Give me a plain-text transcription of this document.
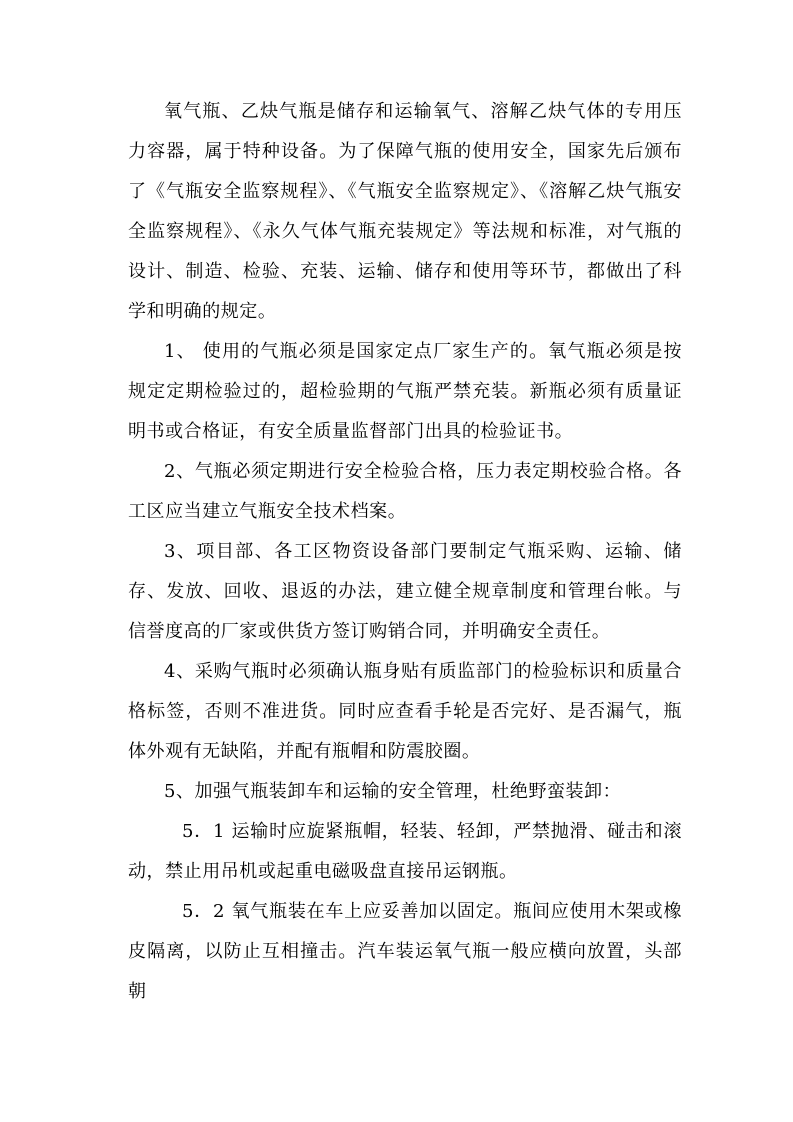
氧气瓶、乙炔气瓶是储存和运输氧气、溶解乙炔气体的专用压力容器，属于特种设备。为了保障气瓶的使用安全，国家先后颁布了《气瓶安全监察规程》、《气瓶安全监察规定》、《溶解乙炔气瓶安全监察规程》、《永久气体气瓶充装规定》等法规和标准，对气瓶的设计、制造、检验、充装、运输、储存和使用等环节，都做出了科学和明确的规定。

1、 使用的气瓶必须是国家定点厂家生产的。氧气瓶必须是按规定定期检验过的，超检验期的气瓶严禁充装。新瓶必须有质量证明书或合格证，有安全质量监督部门出具的检验证书。

2、气瓶必须定期进行安全检验合格，压力表定期校验合格。各工区应当建立气瓶安全技术档案。

3、项目部、各工区物资设备部门要制定气瓶采购、运输、储存、发放、回收、退返的办法，建立健全规章制度和管理台帐。与信誉度高的厂家或供货方签订购销合同，并明确安全责任。

4、采购气瓶时必须确认瓶身贴有质监部门的检验标识和质量合格标签，否则不准进货。同时应查看手轮是否完好、是否漏气，瓶体外观有无缺陷，并配有瓶帽和防震胶圈。

5、加强气瓶装卸车和运输的安全管理，杜绝野蛮装卸：

5．1 运输时应旋紧瓶帽，轻装、轻卸，严禁抛滑、碰击和滚动，禁止用吊机或起重电磁吸盘直接吊运钢瓶。

5．2 氧气瓶装在车上应妥善加以固定。瓶间应使用木架或橡皮隔离，以防止互相撞击。汽车装运氧气瓶一般应横向放置，头部朝
